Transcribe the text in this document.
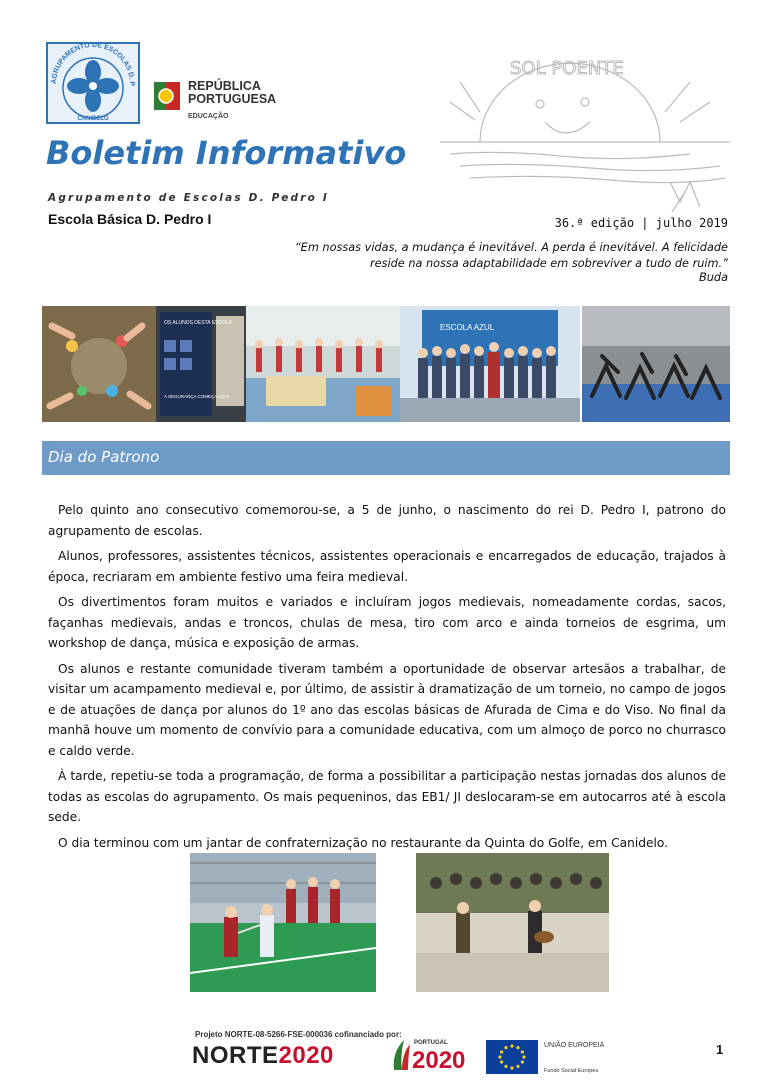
AGRUPAMENTO DE ESCOLAS D. P
CANIDELO
REPÚBLICA
PORTUGUESA
EDUCAÇÃO
SOL POENTE
Boletim Informativo
Agrupamento de Escolas D. Pedro I
Escola Básica D. Pedro I	36.ª edição | julho 2019
“Em nossas vidas, a mudança é inevitável. A perda é inevitável. A felicidade reside na nossa adaptabilidade em sobreviver a tudo de ruim.”
Buda
OS ALUNOS DESTA ESCOLA
A SEGURANÇA COMEÇA AQUI
ESCOLA AZUL
Dia do Patrono

Pelo quinto ano consecutivo comemorou-se, a 5 de junho, o nascimento do rei D. Pedro I, patrono do agrupamento de escolas.

Alunos, professores, assistentes técnicos, assistentes operacionais e encarregados de educação, trajados à época, recriaram em ambiente festivo uma feira medieval.

Os divertimentos foram muitos e variados e incluíram jogos medievais, nomeadamente cordas, sacos, façanhas medievais, andas e troncos, chulas de mesa, tiro com arco e ainda torneios de esgrima, um workshop de dança, música e exposição de armas.

Os alunos e restante comunidade tiveram também a oportunidade de observar artesãos a trabalhar, de visitar um acampamento medieval e, por último, de assistir à dramatização de um torneio, no campo de jogos e de atuações de dança por alunos do 1º ano das escolas básicas de Afurada de Cima e do Viso. No final da manhã houve um momento de convívio para a comunidade educativa, com um almoço de porco no churrasco e caldo verde.

À tarde, repetiu-se toda a programação, de forma a possibilitar a participação nestas jornadas dos alunos de todas as escolas do agrupamento. Os mais pequeninos, das EB1/ JI deslocaram-se em autocarros até à escola sede.

O dia terminou com um jantar de confraternização no restaurante da Quinta do Golfe, em Canidelo.

Projeto NORTE-08-5266-FSE-000036 cofinanciado por:
NORTE2020	PORTUGAL
2020
UNIÃO EUROPEIA
Fundo Social Europeu
1
